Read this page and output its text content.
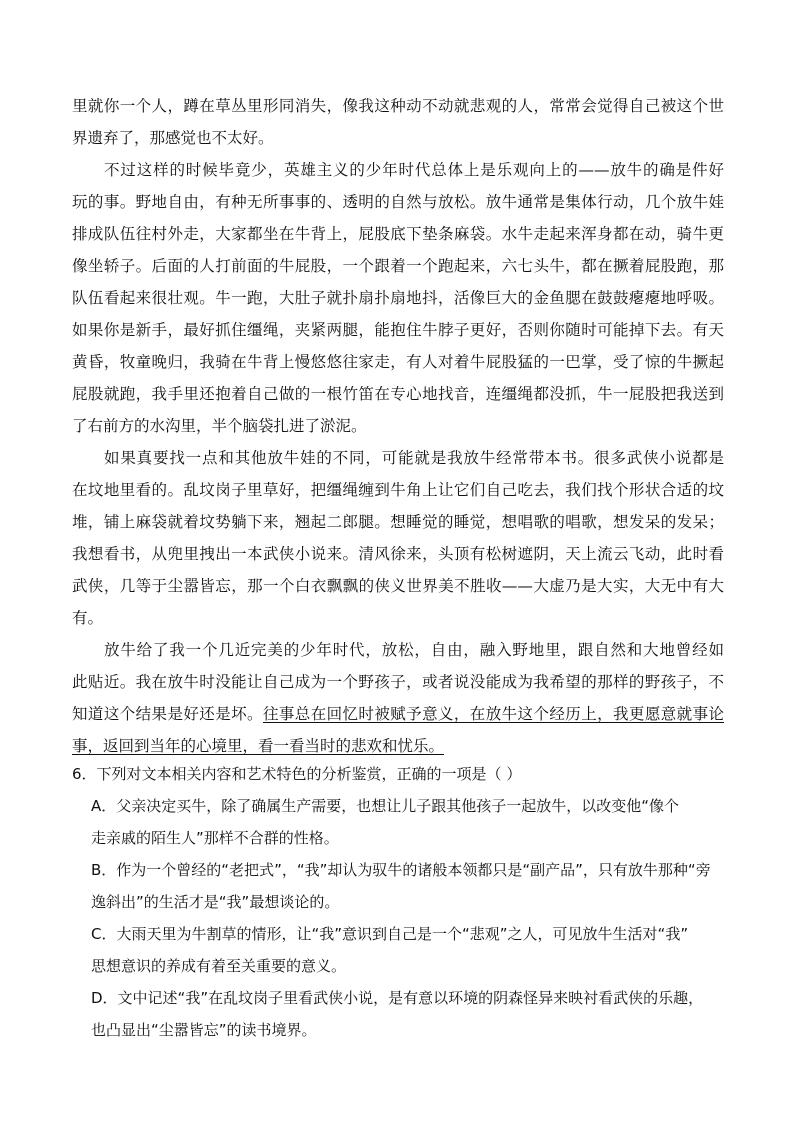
里就你一个人，蹲在草丛里形同消失，像我这种动不动就悲观的人，常常会觉得自己被这个世
界遗弃了，那感觉也不太好。
不过这样的时候毕竟少，英雄主义的少年时代总体上是乐观向上的——放牛的确是件好
玩的事。野地自由，有种无所事事的、透明的自然与放松。放牛通常是集体行动，几个放牛娃
排成队伍往村外走，大家都坐在牛背上，屁股底下垫条麻袋。水牛走起来浑身都在动，骑牛更
像坐轿子。后面的人打前面的牛屁股，一个跟着一个跑起来，六七头牛，都在撅着屁股跑，那
队伍看起来很壮观。牛一跑，大肚子就扑扇扑扇地抖，活像巨大的金鱼腮在鼓鼓瘪瘪地呼吸。
如果你是新手，最好抓住缰绳，夹紧两腿，能抱住牛脖子更好，否则你随时可能掉下去。有天
黄昏，牧童晚归，我骑在牛背上慢悠悠往家走，有人对着牛屁股猛的一巴掌，受了惊的牛撅起
屁股就跑，我手里还抱着自己做的一根竹笛在专心地找音，连缰绳都没抓，牛一屁股把我送到
了右前方的水沟里，半个脑袋扎进了淤泥。
如果真要找一点和其他放牛娃的不同，可能就是我放牛经常带本书。很多武侠小说都是
在坟地里看的。乱坟岗子里草好，把缰绳缠到牛角上让它们自己吃去，我们找个形状合适的坟
堆，铺上麻袋就着坟势躺下来，翘起二郎腿。想睡觉的睡觉，想唱歌的唱歌，想发呆的发呆；
我想看书，从兜里拽出一本武侠小说来。清风徐来，头顶有松树遮阴，天上流云飞动，此时看
武侠，几等于尘嚣皆忘，那一个白衣飘飘的侠义世界美不胜收——大虚乃是大实，大无中有大
有。
放牛给了我一个几近完美的少年时代，放松，自由，融入野地里，跟自然和大地曾经如
此贴近。我在放牛时没能让自己成为一个野孩子，或者说没能成为我希望的那样的野孩子，不
知道这个结果是好还是坏。往事总在回忆时被赋予意义，在放牛这个经历上，我更愿意就事论
事，返回到当年的心境里，看一看当时的悲欢和忧乐。
6．下列对文本相关内容和艺术特色的分析鉴赏，正确的一项是（ ）
A．父亲决定买牛，除了确属生产需要，也想让儿子跟其他孩子一起放牛，以改变他“像个
走亲戚的陌生人”那样不合群的性格。
B．作为一个曾经的“老把式”，“我”却认为驭牛的诸般本领都只是“副产品”，只有放牛那种“旁
逸斜出”的生活才是“我”最想谈论的。
C．大雨天里为牛割草的情形，让“我”意识到自己是一个“悲观”之人，可见放牛生活对“我”
思想意识的养成有着至关重要的意义。
D．文中记述“我”在乱坟岗子里看武侠小说，是有意以环境的阴森怪异来映衬看武侠的乐趣，
也凸显出“尘嚣皆忘”的读书境界。
